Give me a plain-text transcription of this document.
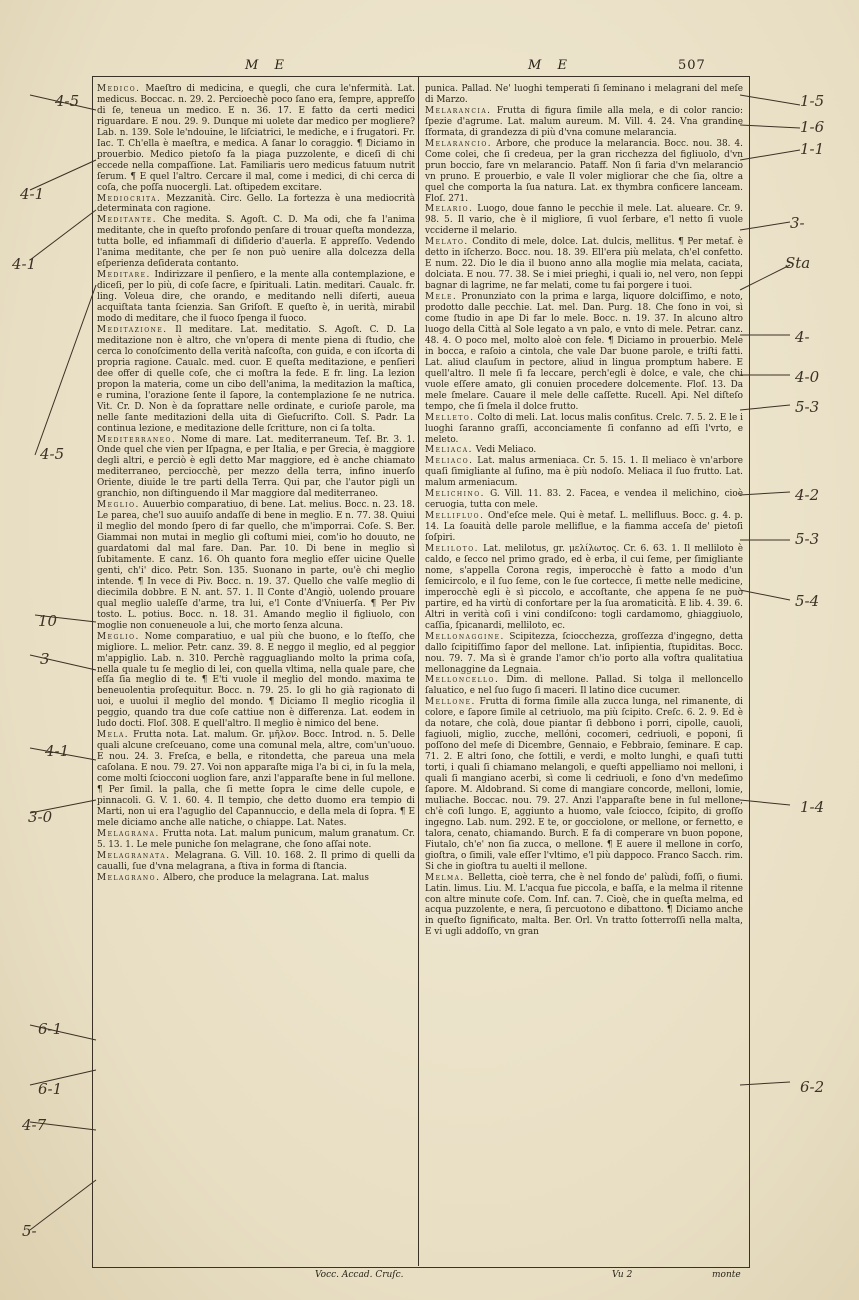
M E	M E	507

Medico. Maeſtro di medicina, e quegli, che cura le'nfermità. Lat. medicus. Boccac. n. 29. 2. Percioechè poco ſano era, ſempre, appreſſo di ſe, teneua un medico. E n. 36. 17. E fatto da certi medici riguardare. E nou. 29. 9. Dunque mi uolete dar medico per mogliere? Lab. n. 139. Sole le'ndouine, le liſciatrici, le mediche, e i frugatori. Fr. Iac. T. Ch'ella è maeſtra, e medica. A ſanar lo coraggio. ¶ Diciamo in prouerbio. Medico pietoſo fa la piaga puzzolente, e diceſi di chi eccede nella compaſſione. Lat. Familiaris uero medicus fatuum nutrit ſerum. ¶ E quel l'altro. Cercare il mal, come i medici, di chi cerca di coſa, che poſſa nuocergli. Lat. oſtipedem excitare.

Mediocrita. Mezzanità. Circ. Gello. La fortezza è una mediocrità determinata con ragione.

Meditante. Che medita. S. Agoſt. C. D. Ma odi, che fa l'anima meditante, che in queſto profondo penſare di trouar queſta mondezza, tutta bolle, ed infiammaſi di diſiderio d'auerla. E appreſſo. Vedendo l'anima meditante, che per ſe non può uenire alla dolcezza della eſperienza deſiderata contanto.

Meditare. Indirizzare il penſiero, e la mente alla contemplazione, e diceſi, per lo più, di coſe ſacre, e ſpirituali. Latin. meditari. Caualc. fr. ling. Voleua dire, che orando, e meditando nelli diſerti, aueua acquiſtata tanta ſcienzia. San Griſoſt. E queſto è, in uerità, mirabil modo di meditare, che il fuoco ſpenga il fuoco.

Meditazione. Il meditare. Lat. meditatio. S. Agoſt. C. D. La meditazione non è altro, che vn'opera di mente piena di ſtudio, che cerca lo conoſcimento della verità naſcoſta, con guida, e con iſcorta di propria ragione. Caualc. med. cuor. E queſta meditazione, e penſieri dee offer di quelle coſe, che ci moſtra la fede. E fr. ling. La lezion propon la materia, come un cibo dell'anima, la meditazion la maſtica, e rumina, l'orazione ſente il ſapore, la contemplazione ſe ne nutrica. Vit. Cr. D. Non è da ſoprattare nelle ordinate, e curioſe parole, ma nelle ſante meditazioni della uita di Gieſucriſto. Coll. S. Padr. La continua lezione, e meditazione delle ſcritture, non ci ſa tolta.

Mediterraneo. Nome di mare. Lat. mediterraneum. Teſ. Br. 3. 1. Onde quel che vien per Iſpagna, e per Italia, e per Grecia, è maggiore degli altri, e perciò è egli detto Mar maggiore, ed è anche chiamato mediterraneo, perciocchè, per mezzo della terra, infino inuerſo Oriente, diuide le tre parti della Terra. Qui par, che l'autor pigli un granchio, non diſtinguendo il Mar maggiore dal mediterraneo.

Meglio. Auuerbio comparatiuo, di bene. Lat. melius. Bocc. n. 23. 18. Le parea, che'l suo auuiſo andaſſe di bene in meglio. E n. 77. 38. Quiui il meglio del mondo ſpero di far quello, che m'imporrai. Coſe. S. Ber. Giammai non mutai in meglio gli coſtumi miei, com'io ho douuto, ne guardatomi dal mal fare. Dan. Par. 10. Di bene in meglio sì ſubitamente. E canz. 16. Oh quanto fora meglio eſſer uicine Quelle genti, ch'i' dico. Petr. Son. 135. Suonano in parte, ou'è chi meglio intende. ¶ In vece di Piv. Bocc. n. 19. 37. Quello che valſe meglio di diecimila dobbre. E N. ant. 57. 1. Il Conte d'Angiò, uolendo prouare qual meglio ualeſſe d'arme, tra lui, e'l Conte d'Vniuerſa. ¶ Per Piv tosto. L. potius. Bocc. n. 18. 31. Amando meglio il figliuolo, con moglie non conueneuole a lui, che morto ſenza alcuna.

Meglio. Nome comparatiuo, e ual più che buono, e lo ſteſſo, che migliore. L. melior. Petr. canz. 39. 8. E neggo il meglio, ed al peggior m'appiglio. Lab. n. 310. Perchè ragguagliando molto la prima coſa, nella quale tu ſe meglio di lei, con quella vltima, nella quale pare, che eſſa ſia meglio di te. ¶ E'ti vuole il meglio del mondo. maxima te beneuolentia proſequitur. Bocc. n. 79. 25. Io gli ho già ragionato di uoi, e uuolui il meglio del mondo. ¶ Diciamo Il meglio ricoglia il peggio, quando tra due coſe cattiue non è differenza. Lat. eodem in ludo docti. Floſ. 308. E quell'altro. Il meglio è nimico del bene.

Mela. Frutta nota. Lat. malum. Gr. μῆλον. Bocc. Introd. n. 5. Delle quali alcune creſceuano, come una comunal mela, altre, com'un'uouo. E nou. 24. 3. Freſca, e bella, e ritondetta, che pareua una mela caſolana. E nou. 79. 27. Voi non apparaſte miga l'a bi ci, in ſu la mela, come molti ſciocconi uoglion fare, anzi l'apparaſte bene in ſul mellone. ¶ Per ſimil. la palla, che ſi mette ſopra le cime delle cupole, e pinnacoli. G. V. 1. 60. 4. Il tempio, che detto duomo era tempio di Marti, non ui era l'aguglio del Capannuccio, e della mela di ſopra. ¶ E mele diciamo anche alle natiche, o chiappe. Lat. Nates.

Melagrana. Frutta nota. Lat. malum punicum, malum granatum. Cr. 5. 13. 1. Le mele puniche ſon melagrane, che ſono aſſai note.

Melagranata. Melagrana. G. Vill. 10. 168. 2. Il primo di quelli da caualli, ſue d'vna melagrana, a ſtiva in forma di ſtancia.

Melagrano. Albero, che produce la melagrana. Lat. malus

punica. Pallad. Ne' luoghi temperati ſi ſeminano i melagrani del meſe di Marzo.

Melarancia. Frutta di figura ſimile alla mela, e di color rancio: ſpezie d'agrume. Lat. malum aureum. M. Vill. 4. 24. Vna grandine ſformata, di grandezza di più d'vna comune melarancia.

Melarancio. Arbore, che produce la melarancia. Bocc. nou. 38. 4. Come colei, che ſi credeua, per la gran ricchezza del figliuolo, d'vn prun boccio, fare vn melarancio. Pataff. Non ſi faria d'vn melarancio vn pruno. E prouerbio, e vale Il voler migliorar che che ſia, oltre a quel che comporta la ſua natura. Lat. ex thymbra conficere lanceam. Floſ. 271.

Melario. Luogo, doue fanno le pecchie il mele. Lat. alueare. Cr. 9. 98. 5. Il vario, che è il migliore, ſi vuol ſerbare, e'l netto ſi vuole vcciderne il melario.

Melato. Condito di mele, dolce. Lat. dulcis, mellitus. ¶ Per metaf. è detto in iſcherzo. Bocc. nou. 18. 39. Ell'era più melata, ch'el confetto. E num. 22. Dio le dia il buono anno alla moglie mia melata, caciata, dolciata. E nou. 77. 38. Se i miei prieghi, i quali io, nel vero, non ſeppi bagnar di lagrime, ne far melati, come tu fai porgere i tuoi.

Mele. Pronunziato con la prima e larga, liquore dolciſſimo, e noto, prodotto dalle pecchie. Lat. mel. Dan. Purg. 18. Che ſono in voi, sì come ſtudio in ape Di far lo mele. Bocc. n. 19. 37. In alcuno altro luogo della Città al Sole legato a vn palo, e vnto di mele. Petrar. canz. 48. 4. O poco mel, molto aloè con fele. ¶ Diciamo in prouerbio. Mele in bocca, e raſoio a cintola, che vale Dar buone parole, e triſti fatti. Lat. aliud clauſum in pectore, aliud in lingua promptum habere. E quell'altro. Il mele ſi fa leccare, perch'egli è dolce, e vale, che chi vuole eſſere amato, gli conuien procedere dolcemente. Floſ. 13. Da mele ſmelare. Cauare il mele delle caſſette. Rucell. Api. Nel diſteſo tempo, che ſi ſmela il dolce frutto.

Melleto. Colto di meli. Lat. locus malis conſitus. Crelc. 7. 5. 2. E le i luoghi ſaranno graſſi, acconciamente ſi confanno ad eſſi l'vrto, e meleto.

Meliaca. Vedi Meliaco.

Meliaco. Lat. malus armeniaca. Cr. 5. 15. 1. Il meliaco è vn'arbore quaſi ſimigliante al ſuſino, ma è più nodoſo. Meliaca il ſuo frutto. Lat. malum armeniacum.

Melichino. G. Vill. 11. 83. 2. Facea, e vendea il melichino, cioè ceruogia, tutta con mele.

Mellifluo. Ond'eſce mele. Qui è metaf. L. mellifluus. Bocc. g. 4. p. 14. La ſoauità delle parole melliflue, e la fiamma acceſa de' pietoſi ſoſpiri.

Meliloto. Lat. melilotus, gr. μελίλωτος. Cr. 6. 63. 1. Il melliloto è caldo, e ſecco nel primo grado, ed è erba, il cui ſeme, per ſimigliante nome, s'appella Corona regis, imperocchè è fatto a modo d'un ſemicircolo, e il ſuo ſeme, con le ſue cortecce, ſi mette nelle medicine, imperocchè egli è sì piccolo, e accoſtante, che appena ſe ne può partire, ed ha virtù di confortare per la ſua aromaticità. E lib. 4. 39. 6. Altri in verità coſi i vini condiſcono: togli cardamomo, ghiaggiuolo, caſſia, ſpicanardi, melliloto, ec.

Mellonaggine. Scipitezza, ſciocchezza, groſſezza d'ingegno, detta dallo ſcipitiſſimo ſapor del mellone. Lat. inſipientia, ſtupiditas. Bocc. nou. 79. 7. Ma sì è grande l'amor ch'io porto alla voſtra qualitatiua mellonaggine da Legnaia.

Melloncello. Dim. di mellone. Pallad. Si tolga il melloncello ſaluatico, e nel ſuo ſugo ſi maceri. Il latino dice cucumer.

Mellone. Frutta di forma ſimile alla zucca lunga, nel rimanente, di colore, e ſapore ſimile al cetriuolo, ma più ſcipito. Creſc. 6. 2. 9. Ed è da notare, che colà, doue piantar ſi debbono i porri, cipolle, cauoli, fagiuoli, miglio, zucche, mellóni, cocomeri, cedriuoli, e poponi, ſi poſſono del meſe di Dicembre, Gennaio, e Febbraio, ſeminare. E cap. 71. 2. E altri ſono, che ſottili, e verdi, e molto lunghi, e quaſi tutti torti, i quali ſi chiamano melangoli, e queſti appelliamo noi melloni, i quali ſi mangiano acerbi, sì come li cedriuoli, e ſono d'vn medeſimo ſapore. M. Aldobrand. Si come di mangiare concorde, melloni, lomie, muliache. Boccac. nou. 79. 27. Anzi l'apparaſte bene in ſul mellone, ch'è coſi lungo. E, aggiunto a huomo, vale ſciocco, ſcipito, di groſſo ingegno. Lab. num. 292. E te, or gocciolone, or mellone, or fernetto, e talora, cenato, chiamando. Burch. E fa di comperare vn buon popone, Fiutalo, ch'e' non ſia zucca, o mellone. ¶ E auere il mellone in corſo, gioſtra, o ſimili, vale eſſer l'vltimo, e'l più dappoco. Franco Sacch. rim. Si che in gioſtra tu auelti il mellone.

Melma. Belletta, cioè terra, che è nel fondo de' palùdi, foſſi, o fiumi. Latin. limus. Liu. M. L'acqua fue piccola, e baſſa, e la melma il ritenne con altre minute coſe. Com. Inf. can. 7. Cioè, che in queſta melma, ed acqua puzzolente, e nera, ſi percuotono e dibattono. ¶ Diciamo anche in queſto ſignificato, malta. Ber. Orl. Vn tratto ſotterroſſi nella malta, E vi ugli addoſſo, vn gran

Vocc. Accad. Cruſc.	Vu 2	monte
4-5
4-1
4-1
4-5
10
3
4-1
3-0
6-1
6-1
4-7
5-
1-5
1-6
1-1
3-
Sta
4-
4-0
5-3
4-2
5-3
5-4
1-4
6-2
